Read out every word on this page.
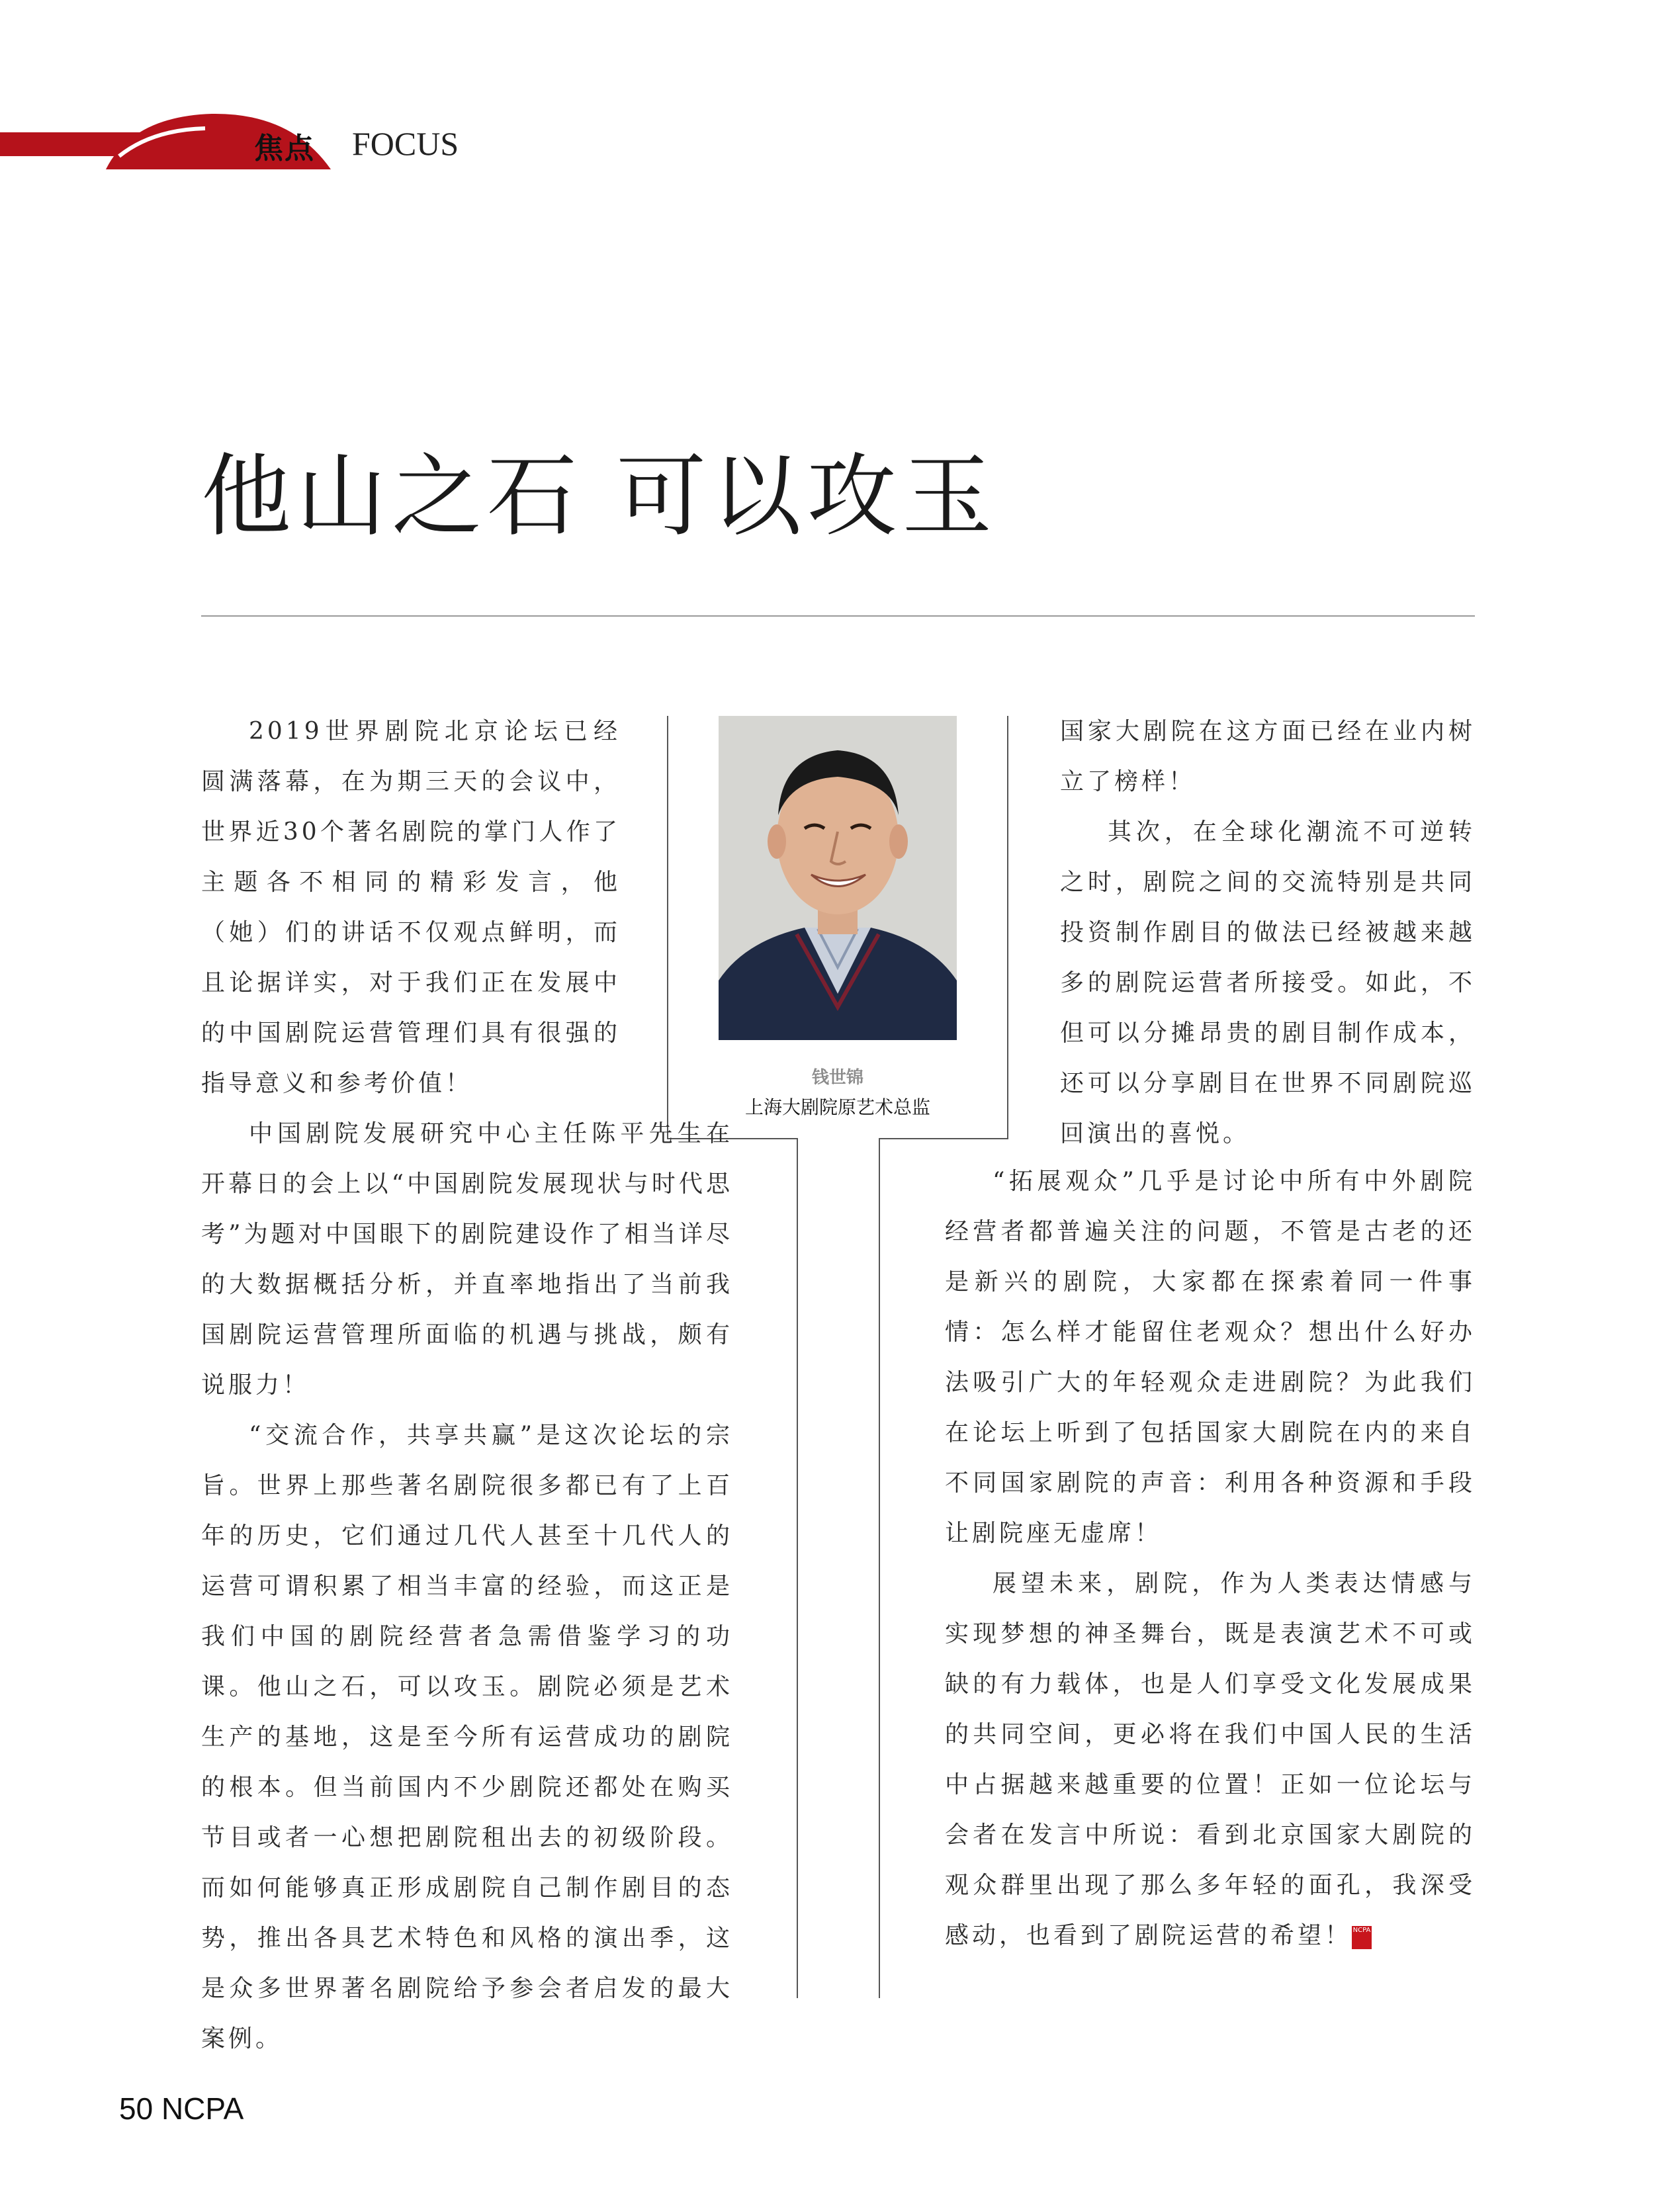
焦点 FOCUS
他山之石 可以攻玉
钱世锦
上海大剧院原艺术总监

2019世界剧院北京论坛已经圆满落幕，在为期三天的会议中，世界近30个著名剧院的掌门人作了主题各不相同的精彩发言，他（她）们的讲话不仅观点鲜明，而且论据详实，对于我们正在发展中的中国剧院运营管理们具有很强的指导意义和参考价值！

中国剧院发展研究中心主任陈平先生在开幕日的会上以“中国剧院发展现状与时代思考”为题对中国眼下的剧院建设作了相当详尽的大数据概括分析，并直率地指出了当前我国剧院运营管理所面临的机遇与挑战，颇有说服力！

“交流合作，共享共赢”是这次论坛的宗旨。世界上那些著名剧院很多都已有了上百年的历史，它们通过几代人甚至十几代人的运营可谓积累了相当丰富的经验，而这正是我们中国的剧院经营者急需借鉴学习的功课。他山之石，可以攻玉。剧院必须是艺术生产的基地，这是至今所有运营成功的剧院的根本。但当前国内不少剧院还都处在购买节目或者一心想把剧院租出去的初级阶段。而如何能够真正形成剧院自己制作剧目的态势，推出各具艺术特色和风格的演出季，这是众多世界著名剧院给予参会者启发的最大案例。

国家大剧院在这方面已经在业内树立了榜样！

其次，在全球化潮流不可逆转之时，剧院之间的交流特别是共同投资制作剧目的做法已经被越来越多的剧院运营者所接受。如此，不但可以分摊昂贵的剧目制作成本，还可以分享剧目在世界不同剧院巡回演出的喜悦。

“拓展观众”几乎是讨论中所有中外剧院经营者都普遍关注的问题，不管是古老的还是新兴的剧院，大家都在探索着同一件事情：怎么样才能留住老观众？想出什么好办法吸引广大的年轻观众走进剧院？为此我们在论坛上听到了包括国家大剧院在内的来自不同国家剧院的声音：利用各种资源和手段让剧院座无虚席！

展望未来，剧院，作为人类表达情感与实现梦想的神圣舞台，既是表演艺术不可或缺的有力载体，也是人们享受文化发展成果的共同空间，更必将在我们中国人民的生活中占据越来越重要的位置！正如一位论坛与会者在发言中所说：看到北京国家大剧院的观众群里出现了那么多年轻的面孔，我深受感动，也看到了剧院运营的希望！ NCPA

50 NCPA
